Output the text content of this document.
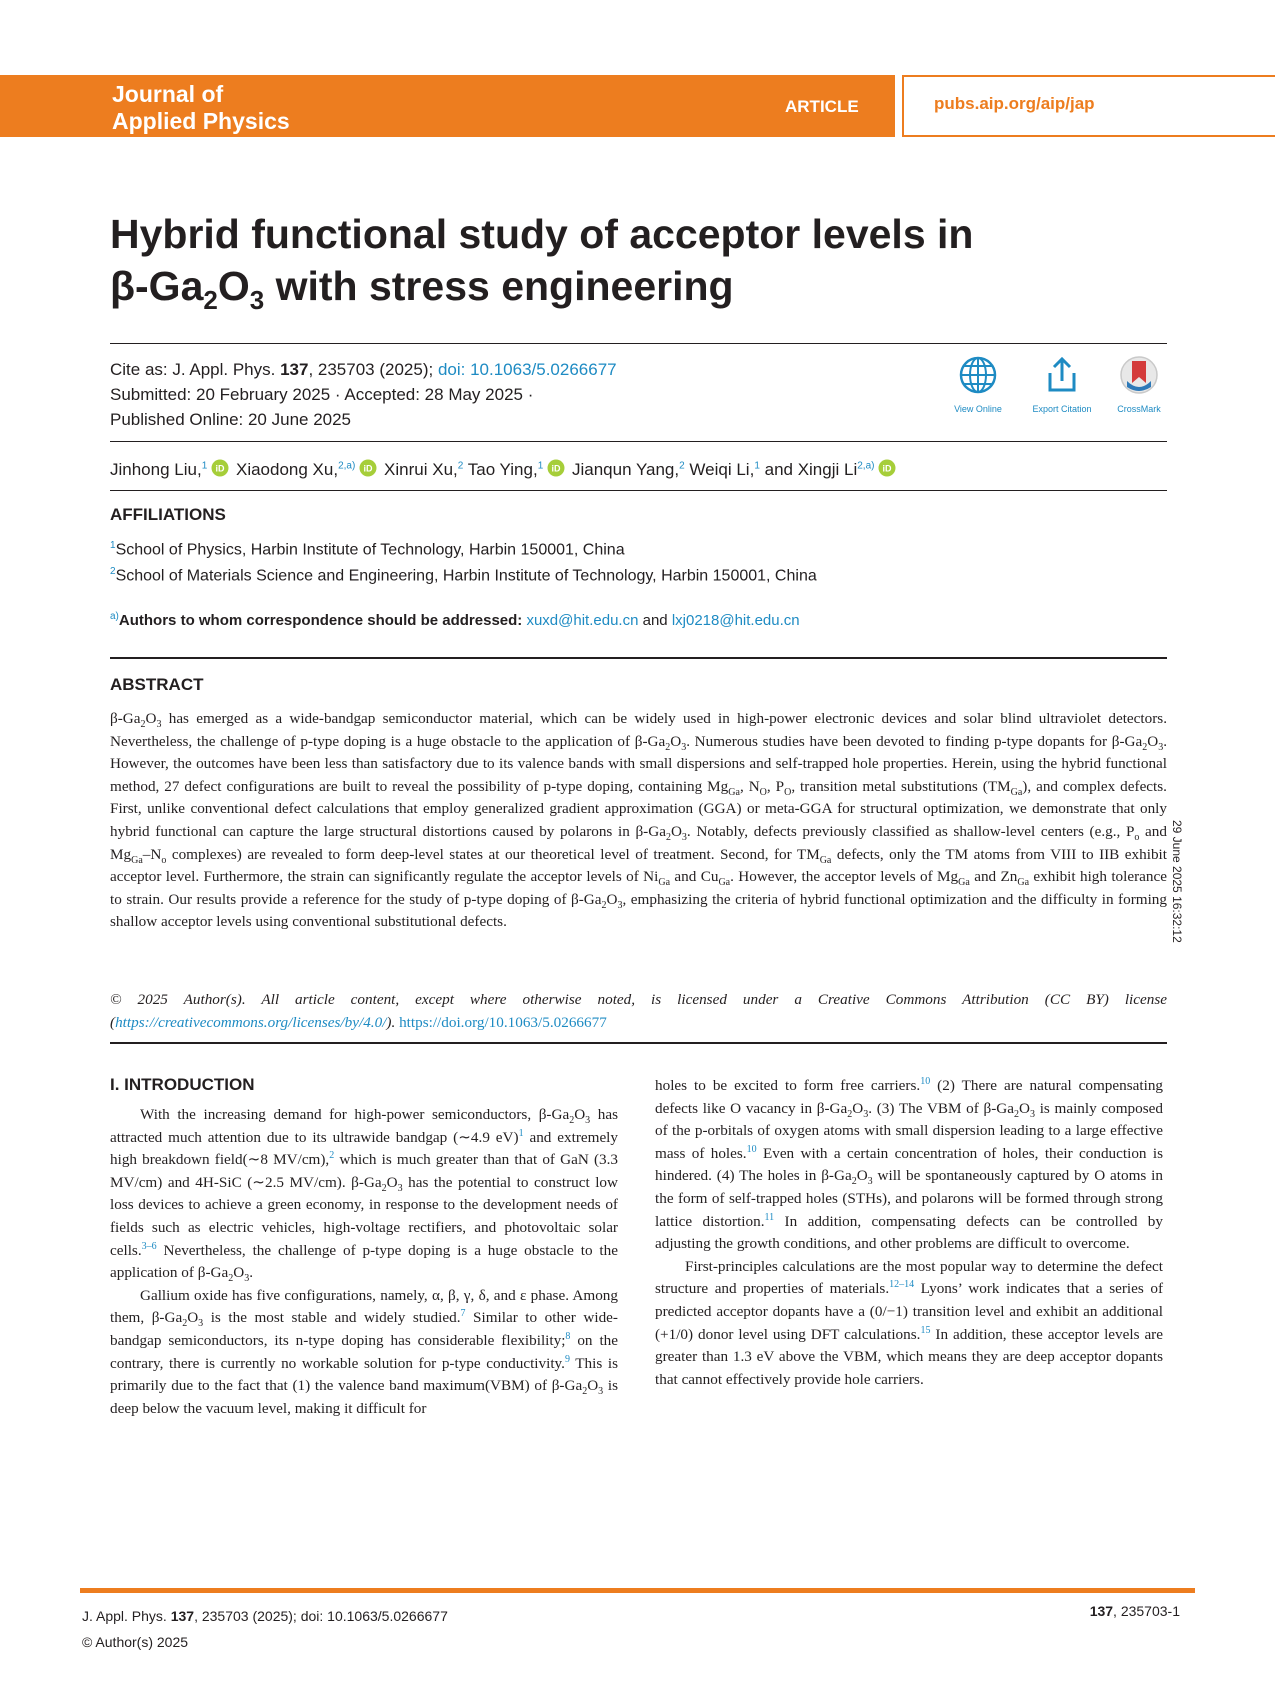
Journal of
Applied Physics
ARTICLE	pubs.aip.org/aip/jap
Hybrid functional study of acceptor levels in
$\beta-Ga_2O_3$ with stress engineering
Cite as: J. Appl. Phys. 137, 235703 (2025); doi: 10.1063/5.0266677
Submitted: 20 February 2025 · Accepted: 28 May 2025 ·
Published Online: 20 June 2025
View Online	Export Citation	CrossMark
Jinhong Liu,$^1$ iD Xiaodong Xu,$^{2,a)}$ iD Xinrui Xu,$^2$ Tao Ying,$^1$ iD Jianqun Yang,$^2$ Weiqi Li,$^1$ and Xingji Li$^{2,a)}$ iD
AFFILIATIONS
$^1$School of Physics, Harbin Institute of Technology, Harbin 150001, China
$^2$School of Materials Science and Engineering, Harbin Institute of Technology, Harbin 150001, China
$^{a)}$Authors to whom correspondence should be addressed: xuxd@hit.edu.cn and lxj0218@hit.edu.cn
ABSTRACT
$\beta-Ga_2O_3$ has emerged as a wide-bandgap semiconductor material, which can be widely used in high-power electronic devices and solar blind ultraviolet detectors. Nevertheless, the challenge of p-type doping is a huge obstacle to the application of $\beta-Ga_2O_3$. Numerous studies have been devoted to finding p-type dopants for $\beta-Ga_2O_3$. However, the outcomes have been less than satisfactory due to its valence bands with small dispersions and self-trapped hole properties. Herein, using the hybrid functional method, 27 defect configurations are built to reveal the possibility of p-type doping, containing $Mg_{Ga}$, $N_O$, $P_O$, transition metal substitutions $(TM_{Ga})$, and complex defects. First, unlike conventional defect calculations that employ generalized gradient approximation (GGA) or meta-GGA for structural optimization, we demonstrate that only hybrid functional can capture the large structural distortions caused by polarons in $\beta-Ga_2O_3$. Notably, defects previously classified as shallow-level centers (e.g., $P_o$ and $Mg_{Ga}-N_o$ complexes) are revealed to form deep-level states at our theoretical level of treatment. Second, for $TM_{Ga}$ defects, only the TM atoms from VIII to IIB exhibit acceptor level. Furthermore, the strain can significantly regulate the acceptor levels of $Ni_{Ga}$ and $Cu_{Ga}$. However, the acceptor levels of $Mg_{Ga}$ and $Zn_{Ga}$ exhibit high tolerance to strain. Our results provide a reference for the study of p-type doping of $\beta-Ga_2O_3$, emphasizing the criteria of hybrid functional optimization and the difficulty in forming shallow acceptor levels using conventional substitutional defects.
© 2025 Author(s). All article content, except where otherwise noted, is licensed under a Creative Commons Attribution (CC BY) license (https://creativecommons.org/licenses/by/4.0/). https://doi.org/10.1063/5.0266677
29 June 2025 16:32:12
I. INTRODUCTION

With the increasing demand for high-power semiconductors, $\beta-Ga_2O_3$ has attracted much attention due to its ultrawide bandgap (∼4.9 eV)$^1$ and extremely high breakdown field(∼8 MV/cm),$^2$ which is much greater than that of GaN (3.3 MV/cm) and 4H-SiC (∼2.5 MV/cm). $\beta-Ga_2O_3$ has the potential to construct low loss devices to achieve a green economy, in response to the development needs of fields such as electric vehicles, high-voltage rectifiers, and photovoltaic solar cells.$^{3-6}$ Nevertheless, the challenge of p-type doping is a huge obstacle to the application of $\beta-Ga_2O_3$.

Gallium oxide has five configurations, namely, α, β, γ, δ, and ε phase. Among them, $\beta-Ga_2O_3$ is the most stable and widely studied.$^7$ Similar to other wide-bandgap semiconductors, its n-type doping has considerable flexibility;$^8$ on the contrary, there is currently no workable solution for p-type conductivity.$^9$ This is primarily due to the fact that (1) the valence band maximum(VBM) of $\beta-Ga_2O_3$ is deep below the vacuum level, making it difficult for

holes to be excited to form free carriers.$^{10}$ (2) There are natural compensating defects like O vacancy in $\beta-Ga_2O_3$. (3) The VBM of $\beta-Ga_2O_3$ is mainly composed of the p-orbitals of oxygen atoms with small dispersion leading to a large effective mass of holes.$^{10}$ Even with a certain concentration of holes, their conduction is hindered. (4) The holes in $\beta-Ga_2O_3$ will be spontaneously captured by O atoms in the form of self-trapped holes (STHs), and polarons will be formed through strong lattice distortion.$^{11}$ In addition, compensating defects can be controlled by adjusting the growth conditions, and other problems are difficult to overcome.

First-principles calculations are the most popular way to determine the defect structure and properties of materials.$^{12-14}$ Lyons’ work indicates that a series of predicted acceptor dopants have a (0/−1) transition level and exhibit an additional (+1/0) donor level using DFT calculations.$^{15}$ In addition, these acceptor levels are greater than 1.3 eV above the VBM, which means they are deep acceptor dopants that cannot effectively provide hole carriers.

J. Appl. Phys. 137, 235703 (2025); doi: 10.1063/5.0266677
© Author(s) 2025
137, 235703-1
